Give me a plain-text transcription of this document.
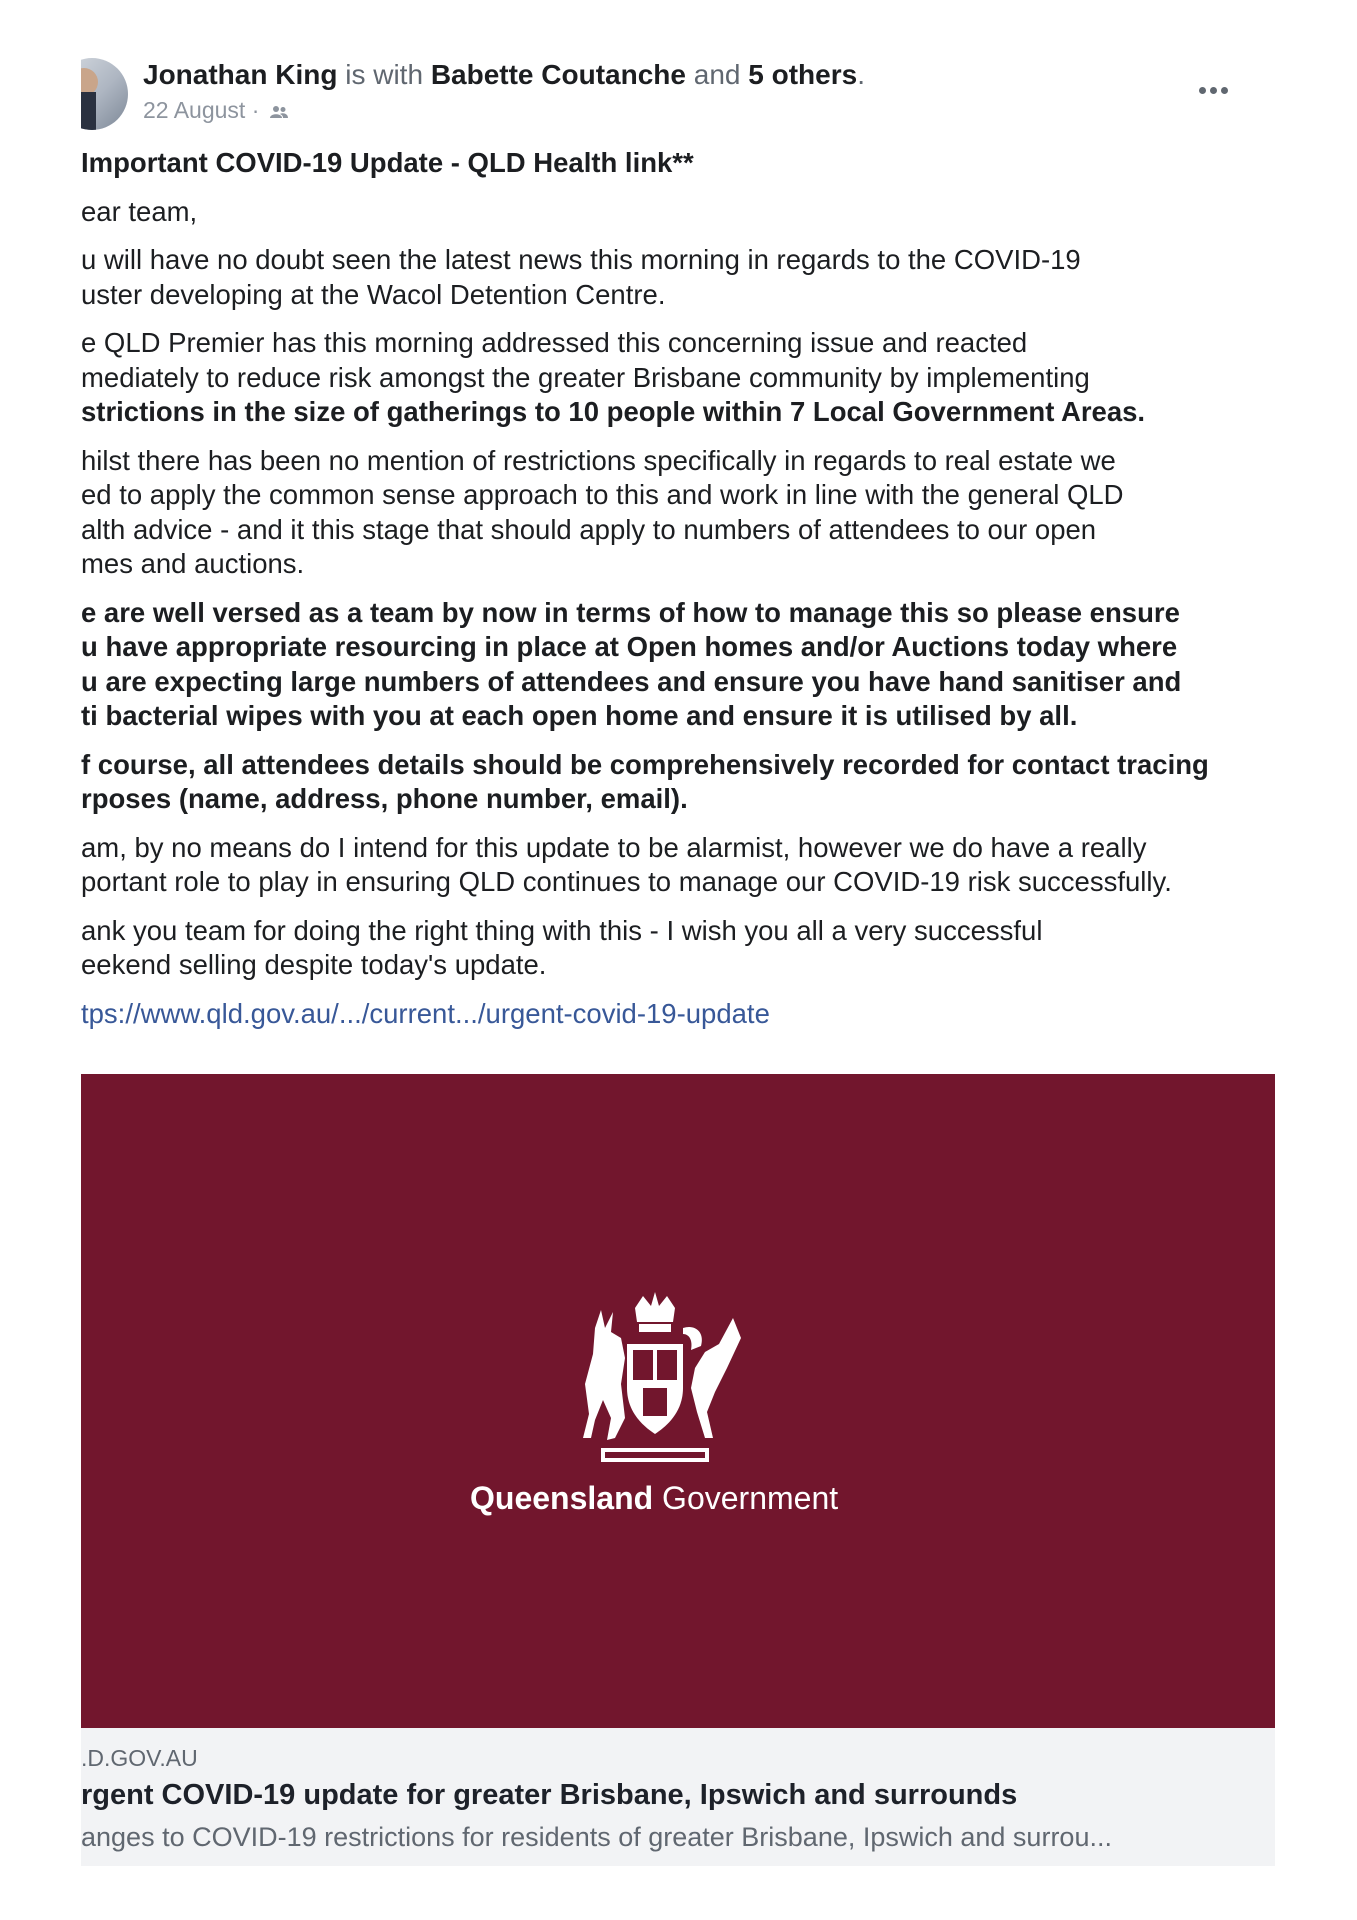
Jonathan King is with Babette Coutanche and 5 others.
22 August ·

Important COVID-19 Update - QLD Health link**

ear team,

u will have no doubt seen the latest news this morning in regards to the COVID-19
uster developing at the Wacol Detention Centre.

e QLD Premier has this morning addressed this concerning issue and reacted
mediately to reduce risk amongst the greater Brisbane community by implementing
strictions in the size of gatherings to 10 people within 7 Local Government Areas.

hilst there has been no mention of restrictions specifically in regards to real estate we
ed to apply the common sense approach to this and work in line with the general QLD
alth advice - and it this stage that should apply to numbers of attendees to our open
mes and auctions.

e are well versed as a team by now in terms of how to manage this so please ensure
u have appropriate resourcing in place at Open homes and/or Auctions today where
u are expecting large numbers of attendees and ensure you have hand sanitiser and
ti bacterial wipes with you at each open home and ensure it is utilised by all.

f course, all attendees details should be comprehensively recorded for contact tracing
rposes (name, address, phone number, email).

am, by no means do I intend for this update to be alarmist, however we do have a really
portant role to play in ensuring QLD continues to manage our COVID-19 risk successfully.

ank you team for doing the right thing with this - I wish you all a very successful
eekend selling despite today's update.

tps://www.qld.gov.au/.../current.../urgent-covid-19-update

Queensland Government
.D.GOV.AU
rgent COVID-19 update for greater Brisbane, Ipswich and surrounds
anges to COVID-19 restrictions for residents of greater Brisbane, Ipswich and surrou...
